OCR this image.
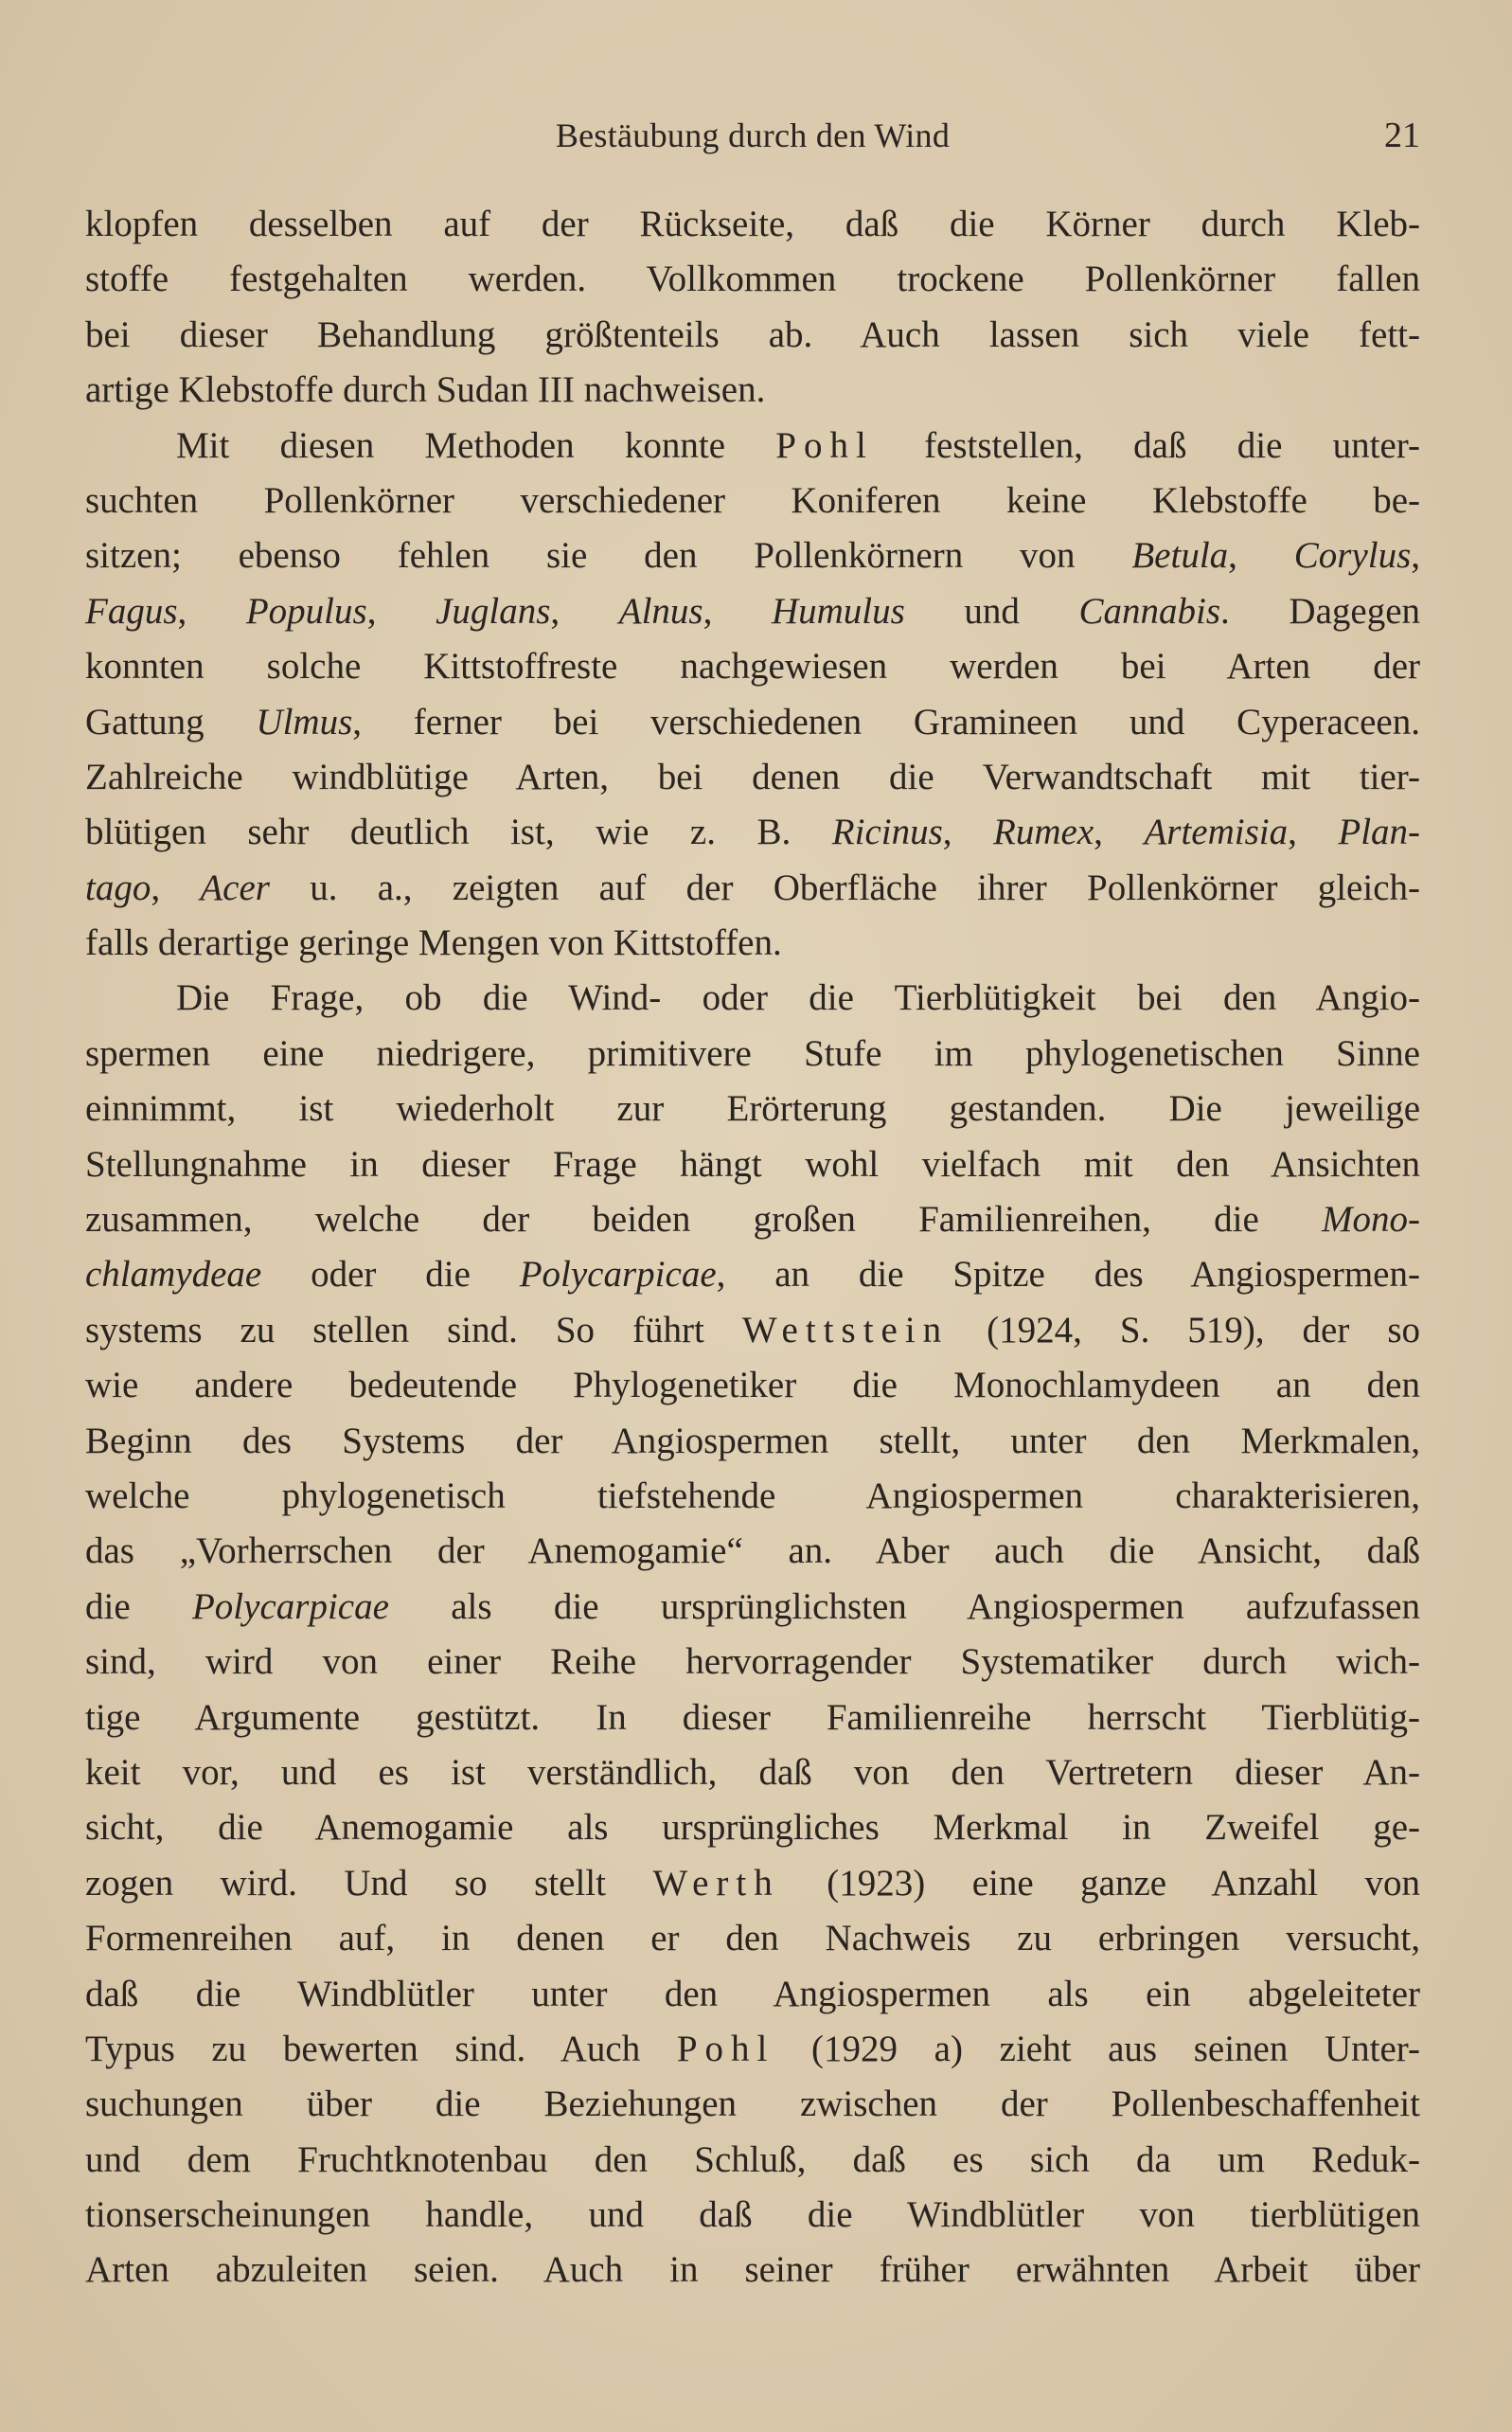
Bestäubung durch den Wind	21
klopfen desselben auf der Rückseite, daß die Körner durch Kleb-
stoffe festgehalten werden. Vollkommen trockene Pollenkörner fallen
bei dieser Behandlung größtenteils ab. Auch lassen sich viele fett-
artige Klebstoffe durch Sudan III nachweisen.
Mit diesen Methoden konnte Pohl feststellen, daß die unter-
suchten Pollenkörner verschiedener Koniferen keine Klebstoffe be-
sitzen; ebenso fehlen sie den Pollenkörnern von Betula, Corylus,
Fagus, Populus, Juglans, Alnus, Humulus und Cannabis. Dagegen
konnten solche Kittstoffreste nachgewiesen werden bei Arten der
Gattung Ulmus, ferner bei verschiedenen Gramineen und Cyperaceen.
Zahlreiche windblütige Arten, bei denen die Verwandtschaft mit tier-
blütigen sehr deutlich ist, wie z. B. Ricinus, Rumex, Artemisia, Plan-
tago, Acer u. a., zeigten auf der Oberfläche ihrer Pollenkörner gleich-
falls derartige geringe Mengen von Kittstoffen.
Die Frage, ob die Wind- oder die Tierblütigkeit bei den Angio-
spermen eine niedrigere, primitivere Stufe im phylogenetischen Sinne
einnimmt, ist wiederholt zur Erörterung gestanden. Die jeweilige
Stellungnahme in dieser Frage hängt wohl vielfach mit den Ansichten
zusammen, welche der beiden großen Familienreihen, die Mono-
chlamydeae oder die Polycarpicae, an die Spitze des Angiospermen-
systems zu stellen sind. So führt Wettstein (1924, S. 519), der so
wie andere bedeutende Phylogenetiker die Monochlamydeen an den
Beginn des Systems der Angiospermen stellt, unter den Merkmalen,
welche phylogenetisch tiefstehende Angiospermen charakterisieren,
das „Vorherrschen der Anemogamie“ an. Aber auch die Ansicht, daß
die Polycarpicae als die ursprünglichsten Angiospermen aufzufassen
sind, wird von einer Reihe hervorragender Systematiker durch wich-
tige Argumente gestützt. In dieser Familienreihe herrscht Tierblütig-
keit vor, und es ist verständlich, daß von den Vertretern dieser An-
sicht, die Anemogamie als ursprüngliches Merkmal in Zweifel ge-
zogen wird. Und so stellt Werth (1923) eine ganze Anzahl von
Formenreihen auf, in denen er den Nachweis zu erbringen versucht,
daß die Windblütler unter den Angiospermen als ein abgeleiteter
Typus zu bewerten sind. Auch Pohl (1929 a) zieht aus seinen Unter-
suchungen über die Beziehungen zwischen der Pollenbeschaffenheit
und dem Fruchtknotenbau den Schluß, daß es sich da um Reduk-
tionserscheinungen handle, und daß die Windblütler von tierblütigen
Arten abzuleiten seien. Auch in seiner früher erwähnten Arbeit über
